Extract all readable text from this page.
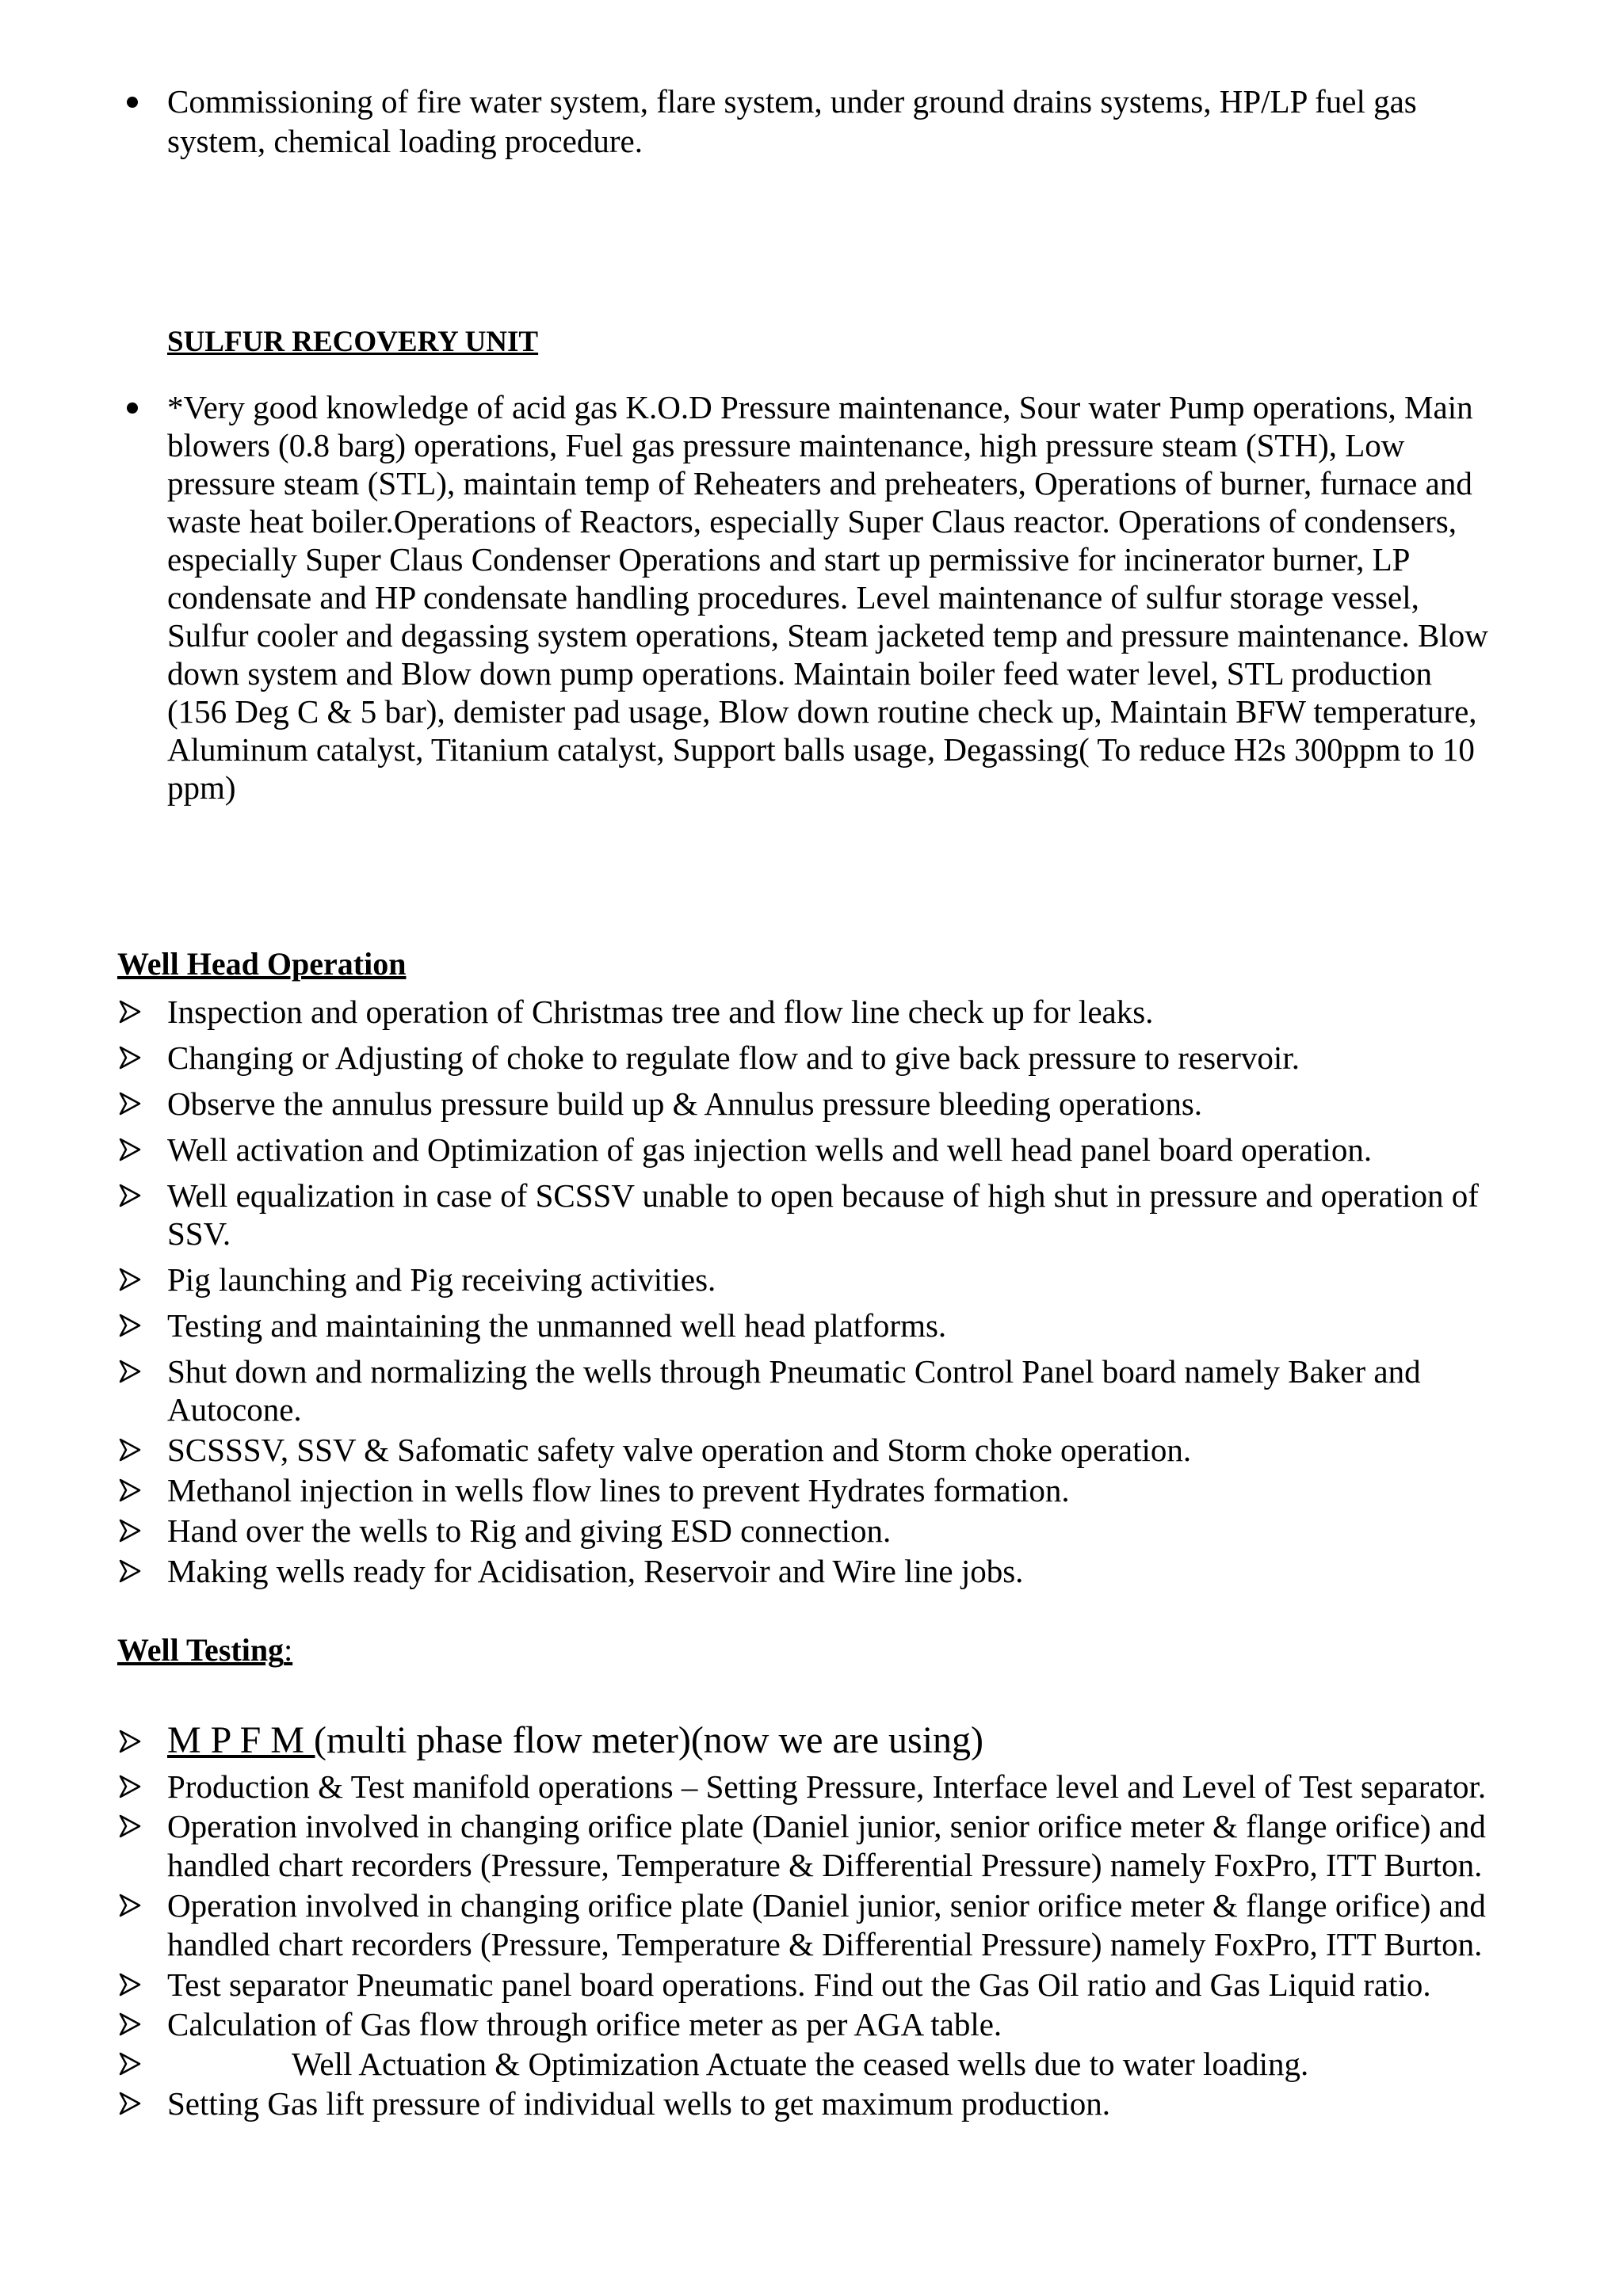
Commissioning of fire water system, flare system, under ground drains systems, HP/LP fuel gas
system, chemical loading procedure.
SULFUR RECOVERY UNIT
*Very good knowledge of acid gas K.O.D Pressure maintenance, Sour water Pump operations, Main
blowers (0.8 barg) operations, Fuel gas pressure maintenance, high pressure steam (STH), Low
pressure steam (STL), maintain temp of Reheaters and preheaters, Operations of burner, furnace and
waste heat boiler.Operations of Reactors, especially Super Claus reactor. Operations of condensers,
especially Super Claus Condenser Operations and start up permissive for incinerator burner, LP
condensate and HP condensate handling procedures. Level maintenance of sulfur storage vessel,
Sulfur cooler and degassing system operations, Steam jacketed temp and pressure maintenance. Blow
down system and Blow down pump operations. Maintain boiler feed water level, STL production
(156 Deg C & 5 bar), demister pad usage, Blow down routine check up, Maintain BFW temperature,
Aluminum catalyst, Titanium catalyst, Support balls usage, Degassing( To reduce H2s 300ppm to 10
ppm)
Well Head Operation
Inspection and operation of Christmas tree and flow line check up for leaks.
Changing or Adjusting of choke to regulate flow and to give back pressure to reservoir.
Observe the annulus pressure build up & Annulus pressure bleeding operations.
Well activation and Optimization of gas injection wells and well head panel board operation.
Well equalization in case of SCSSV unable to open because of high shut in pressure and operation of
SSV.
Pig launching and Pig receiving activities.
Testing and maintaining the unmanned well head platforms.
Shut down and normalizing the wells through Pneumatic Control Panel board namely Baker and
Autocone.
SCSSSV, SSV & Safomatic safety valve operation and Storm choke operation.
Methanol injection in wells flow lines to prevent Hydrates formation.
Hand over the wells to Rig and giving ESD connection.
Making wells ready for Acidisation, Reservoir and Wire line jobs.
Well Testing:
M P F M (multi phase flow meter)(now we are using)
Production & Test manifold operations – Setting Pressure, Interface level and Level of Test separator.
Operation involved in changing orifice plate (Daniel junior, senior orifice meter & flange orifice) and
handled chart recorders (Pressure, Temperature & Differential Pressure) namely FoxPro, ITT Burton.
Operation involved in changing orifice plate (Daniel junior, senior orifice meter & flange orifice) and
handled chart recorders (Pressure, Temperature & Differential Pressure) namely FoxPro, ITT Burton.
Test separator Pneumatic panel board operations. Find out the Gas Oil ratio and Gas Liquid ratio.
Calculation of Gas flow through orifice meter as per AGA table.
Well Actuation & Optimization Actuate the ceased wells due to water loading.
Setting Gas lift pressure of individual wells to get maximum production.
